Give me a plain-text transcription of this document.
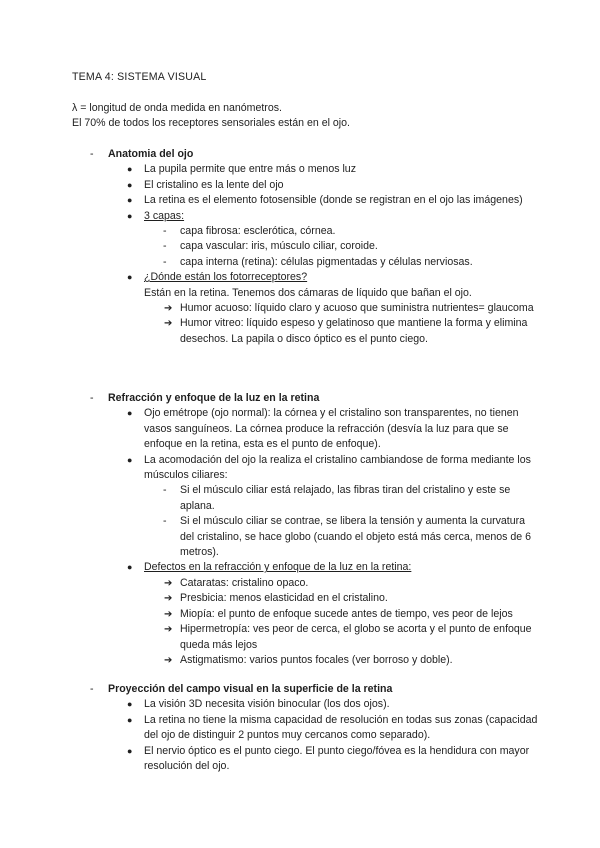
TEMA 4: SISTEMA VISUAL
λ = longitud de onda medida en nanómetros.
El 70% de todos los receptores sensoriales están en el ojo.
- Anatomia del ojo
● La pupila permite que entre más o menos luz
● El cristalino es la lente del ojo
● La retina es el elemento fotosensible (donde se registran en el ojo las imágenes)
● 3 capas:
- capa fibrosa: esclerótica, córnea.
- capa vascular: iris, músculo ciliar, coroide.
- capa interna (retina): células pigmentadas y células nerviosas.
● ¿Dónde están los fotorreceptores?
Están en la retina. Tenemos dos cámaras de líquido que bañan el ojo.
➔ Humor acuoso: líquido claro y acuoso que suministra nutrientes= glaucoma
➔ Humor vitreo: líquido espeso y gelatinoso que mantiene la forma y elimina desechos. La papila o disco óptico es el punto ciego.
- Refracción y enfoque de la luz en la retina
● Ojo emétrope (ojo normal): la córnea y el cristalino son transparentes, no tienen vasos sanguíneos. La córnea produce la refracción (desvía la luz para que se enfoque en la retina, esta es el punto de enfoque).
● La acomodación del ojo la realiza el cristalino cambiandose de forma mediante los músculos ciliares:
- Si el músculo ciliar está relajado, las fibras tiran del cristalino y este se aplana.
- Si el músculo ciliar se contrae, se libera la tensión y aumenta la curvatura del cristalino, se hace globo (cuando el objeto está más cerca, menos de 6 metros).
● Defectos en la refracción y enfoque de la luz en la retina:
➔ Cataratas: cristalino opaco.
➔ Presbicia: menos elasticidad en el cristalino.
➔ Miopía: el punto de enfoque sucede antes de tiempo, ves peor de lejos
➔ Hipermetropía: ves peor de cerca, el globo se acorta y el punto de enfoque queda más lejos
➔ Astigmatismo: varios puntos focales (ver borroso y doble).
- Proyección del campo visual en la superficie de la retina
● La visión 3D necesita visión binocular (los dos ojos).
● La retina no tiene la misma capacidad de resolución en todas sus zonas (capacidad del ojo de distinguir 2 puntos muy cercanos como separado).
● El nervio óptico es el punto ciego. El punto ciego/fóvea es la hendidura con mayor resolución del ojo.
